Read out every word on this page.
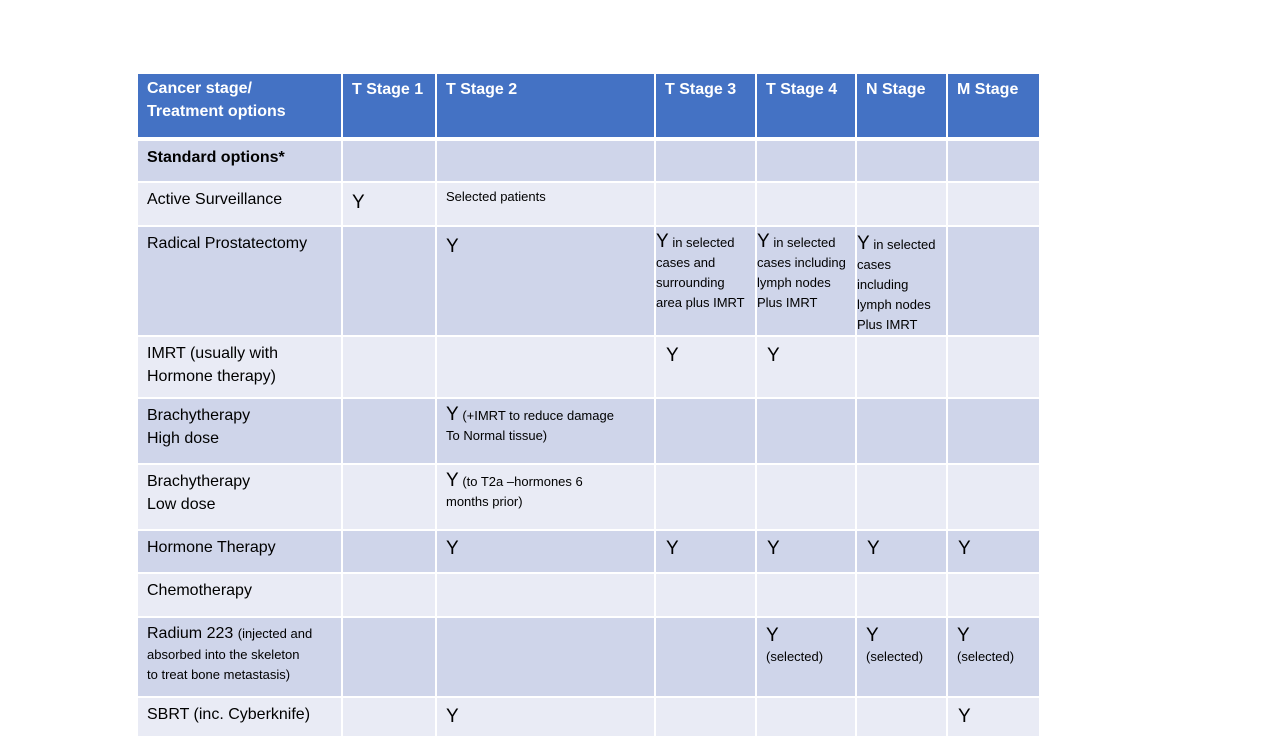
Cancer stage/
Treatment options	T Stage 1	T Stage 2	T Stage 3	T Stage 4	N Stage	M Stage
Standard options*						
Active Surveillance	Y	Selected patients				
Radical Prostatectomy		Y	Y in selected
cases and
surrounding
area plus IMRT	Y in selected
cases including
lymph nodes
Plus IMRT	Y in selected
cases
including
lymph nodes
Plus IMRT	

IMRT (usually with
Hormone therapy)			Y	Y		

Brachytherapy
High dose		Y (+IMRT to reduce damage
To Normal tissue)				

Brachytherapy
Low dose		Y (to T2a –hormones 6
months prior)				

Hormone Therapy		Y	Y	Y	Y	Y
Chemotherapy						
Radium 223 (injected and
absorbed into the skeleton
to treat bone metastasis)				Y
(selected)	Y
(selected)	Y
(selected)

SBRT (inc. Cyberknife)		Y				Y
